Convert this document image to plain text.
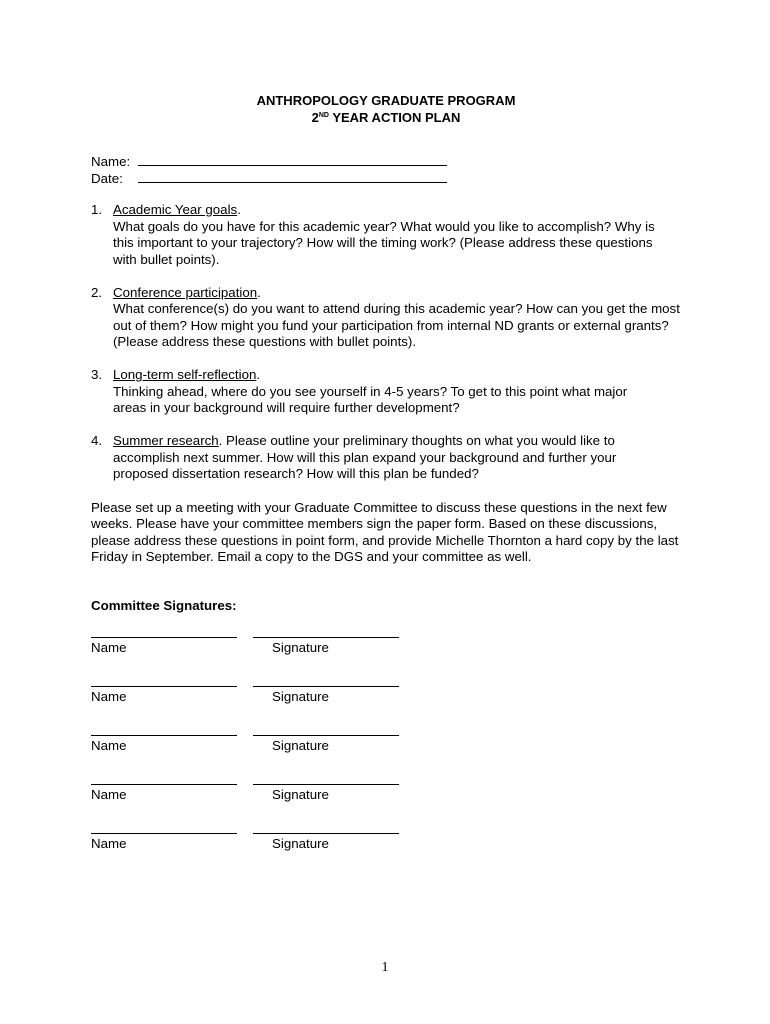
ANTHROPOLOGY GRADUATE PROGRAM
2ND YEAR ACTION PLAN
Name:
Date:
1. Academic Year goals.
What goals do you have for this academic year? What would you like to accomplish? Why is this important to your trajectory? How will the timing work? (Please address these questions with bullet points).
2. Conference participation.
What conference(s) do you want to attend during this academic year? How can you get the most out of them? How might you fund your participation from internal ND grants or external grants? (Please address these questions with bullet points).
3. Long-term self-reflection.
Thinking ahead, where do you see yourself in 4-5 years? To get to this point what major areas in your background will require further development?
4. Summer research. Please outline your preliminary thoughts on what you would like to accomplish next summer. How will this plan expand your background and further your proposed dissertation research? How will this plan be funded?
Please set up a meeting with your Graduate Committee to discuss these questions in the next few weeks. Please have your committee members sign the paper form. Based on these discussions, please address these questions in point form, and provide Michelle Thornton a hard copy by the last Friday in September. Email a copy to the DGS and your committee as well.
Committee Signatures:
Name	Signature
Name	Signature
Name	Signature
Name	Signature
Name	Signature
1
